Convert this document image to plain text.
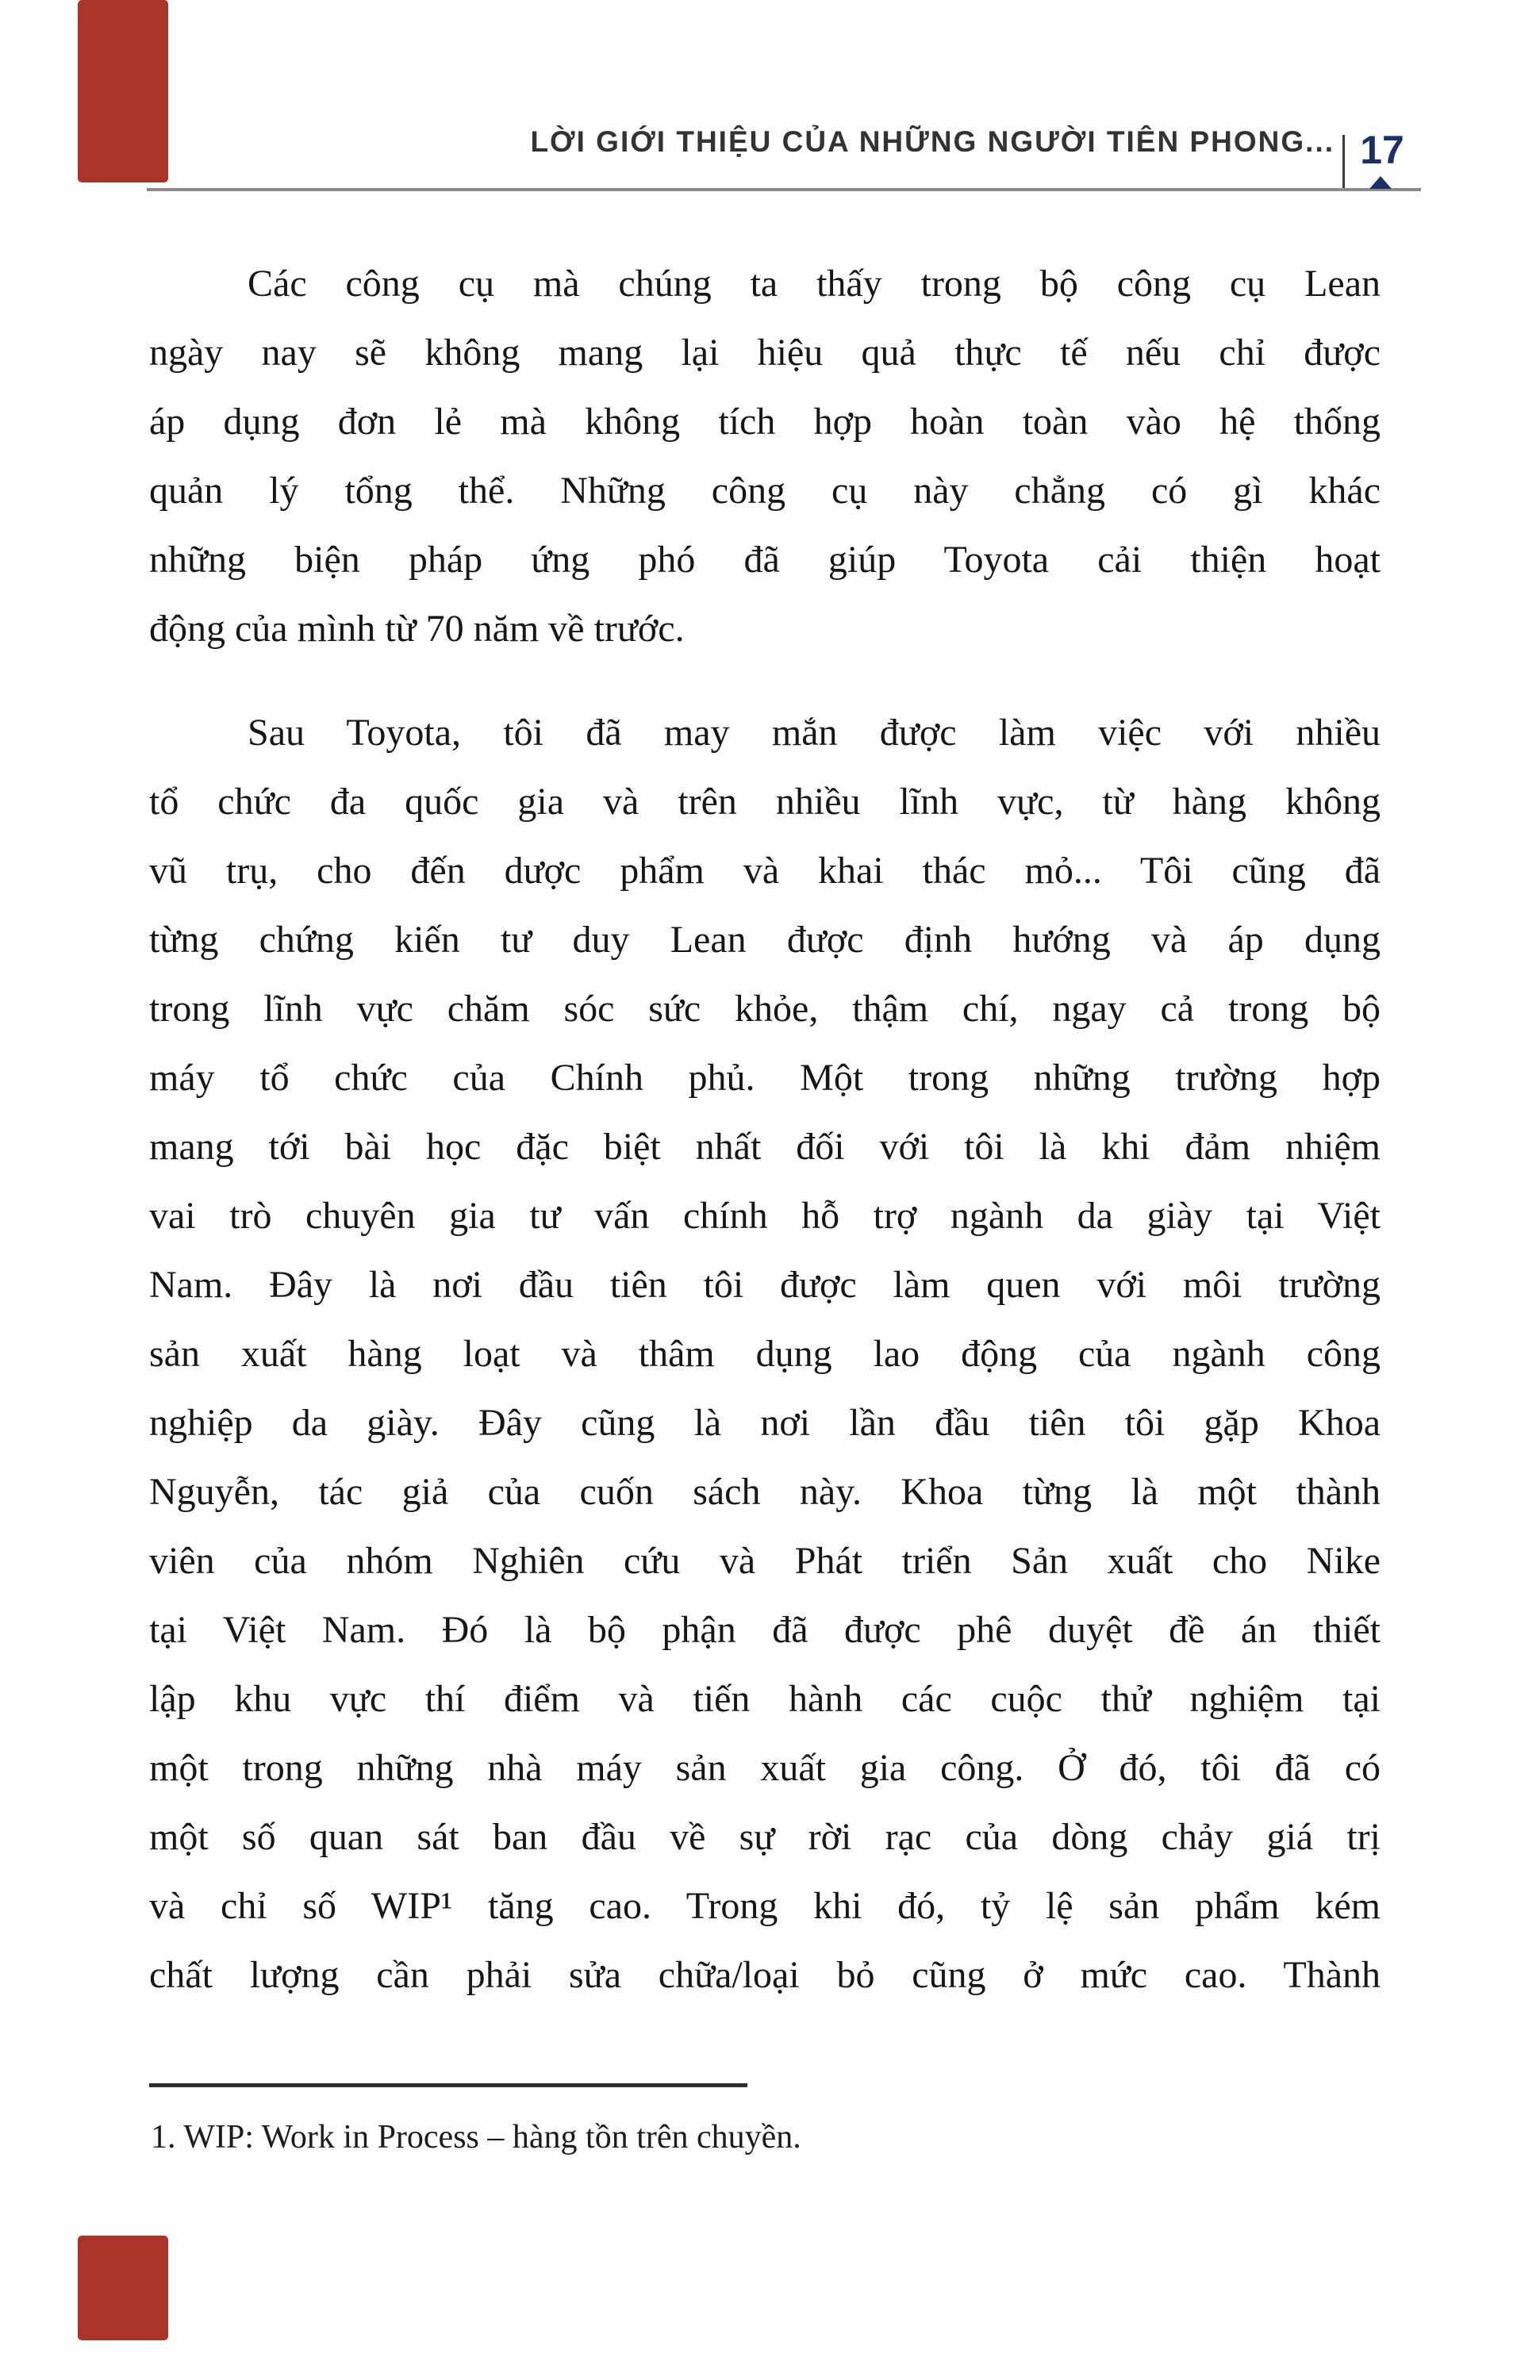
LỜI GIỚI THIỆU CỦA NHỮNG NGƯỜI TIÊN PHONG... 17
Các công cụ mà chúng ta thấy trong bộ công cụ Lean
ngày nay sẽ không mang lại hiệu quả thực tế nếu chỉ được
áp dụng đơn lẻ mà không tích hợp hoàn toàn vào hệ thống
quản lý tổng thể. Những công cụ này chẳng có gì khác
những biện pháp ứng phó đã giúp Toyota cải thiện hoạt
động của mình từ 70 năm về trước.
Sau Toyota, tôi đã may mắn được làm việc với nhiều
tổ chức đa quốc gia và trên nhiều lĩnh vực, từ hàng không
vũ trụ, cho đến dược phẩm và khai thác mỏ... Tôi cũng đã
từng chứng kiến tư duy Lean được định hướng và áp dụng
trong lĩnh vực chăm sóc sức khỏe, thậm chí, ngay cả trong bộ
máy tổ chức của Chính phủ. Một trong những trường hợp
mang tới bài học đặc biệt nhất đối với tôi là khi đảm nhiệm
vai trò chuyên gia tư vấn chính hỗ trợ ngành da giày tại Việt
Nam. Đây là nơi đầu tiên tôi được làm quen với môi trường
sản xuất hàng loạt và thâm dụng lao động của ngành công
nghiệp da giày. Đây cũng là nơi lần đầu tiên tôi gặp Khoa
Nguyễn, tác giả của cuốn sách này. Khoa từng là một thành
viên của nhóm Nghiên cứu và Phát triển Sản xuất cho Nike
tại Việt Nam. Đó là bộ phận đã được phê duyệt đề án thiết
lập khu vực thí điểm và tiến hành các cuộc thử nghiệm tại
một trong những nhà máy sản xuất gia công. Ở đó, tôi đã có
một số quan sát ban đầu về sự rời rạc của dòng chảy giá trị
và chỉ số WIP¹ tăng cao. Trong khi đó, tỷ lệ sản phẩm kém
chất lượng cần phải sửa chữa/loại bỏ cũng ở mức cao. Thành
1. WIP: Work in Process – hàng tồn trên chuyền.
